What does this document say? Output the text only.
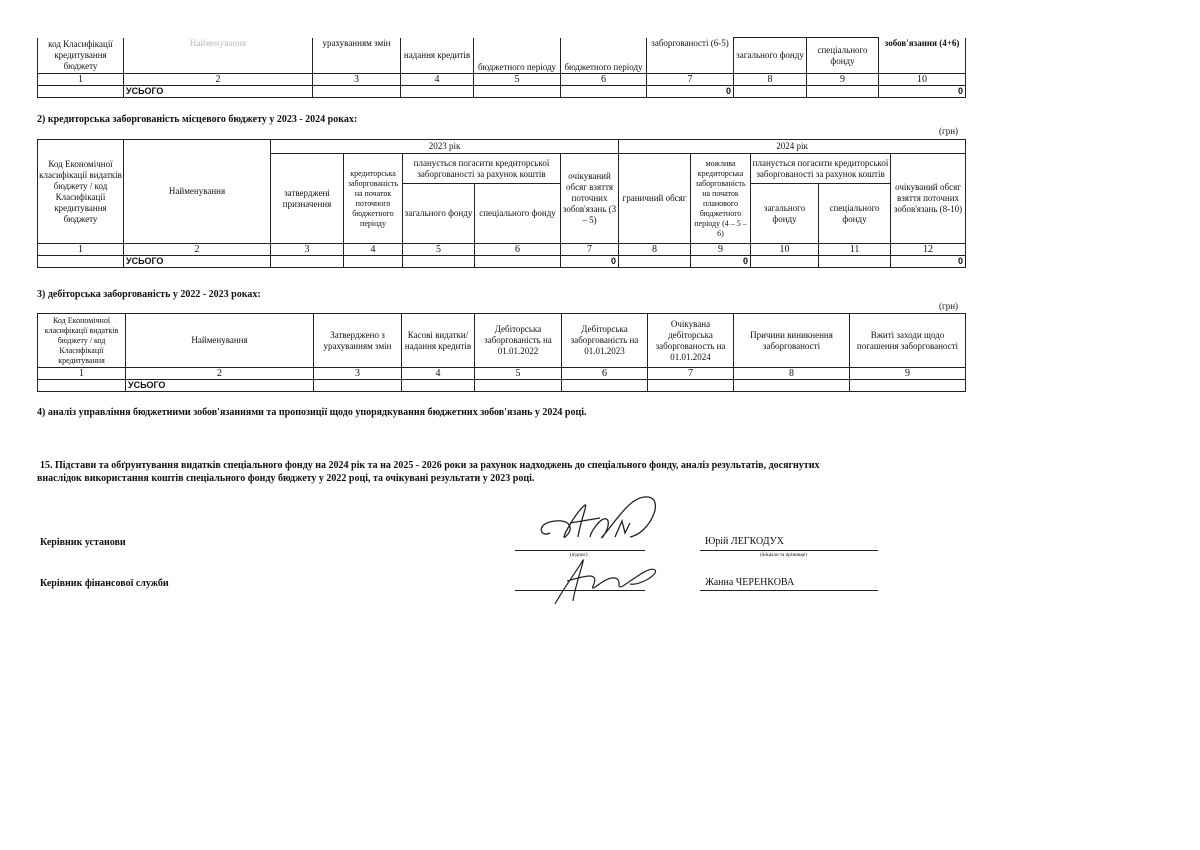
код Класифікації кредитування бюджету	Найменування	урахуванням змін	надання кредитів	бюджетного періоду	бюджетного періоду	заборгованості (6-5)	загального фонду	спеціального фонду	зобов'язання (4+6)
1	2	3	4	5	6	7	8	9	10
	УСЬОГО					0			0
2) кредиторська заборгованість місцевого бюджету у 2023 - 2024 роках:
(грн)
Код Економічної класифікації видатків бюджету / код Класифікації кредитування бюджету	Найменування	2023 рік					2024 рік				
		затверджені призначення	кредиторська заборгованість на початок поточного бюджетного періоду	планується погасити кредиторської заборгованості за рахунок коштів		очікуваний обсяг взяття поточних зобов'язань (3 – 5)	граничний обсяг	можлива кредиторська заборгованість на початок планового бюджетного періоду (4 – 5 – 6)	планується погасити кредиторської заборгованості за рахунок коштів		очікуваний обсяг взяття поточних зобов'язань (8-10)
				загального фонду	спеціального фонду				загального фонду	спеціального фонду	
1	2	3	4	5	6	7	8	9	10	11	12
	УСЬОГО					0		0			0
3) дебіторська заборгованість у 2022 - 2023 роках:
(грн)
Код Економічної класифікації видатків бюджету / код Класифікації кредитування	Найменування	Затверджено з урахуванням змін	Касові видатки/ надання кредитів	Дебіторська заборгованість на 01.01.2022	Дебіторська заборгованість на 01.01.2023	Очікувана дебіторська заборгованость на 01.01.2024	Причини виникнення заборгованості	Вжиті заходи щодо погашення заборгованості
1	2	3	4	5	6	7	8	9
	УСЬОГО							
4) аналіз управління бюджетними зобов'язаннями та пропозиції щодо упорядкування бюджетних зобов'язань у 2024 році.
15. Підстави та обґрунтування видатків спеціального фонду на 2024 рік та на 2025 - 2026 роки за рахунок надходжень до спеціального фонду, аналіз результатів, досягнутих
внаслідок використання коштів спеціального фонду бюджету у 2022 році, та очікувані результати у 2023 році.
Керівник установи
Керівник фінансової служби
(підпис)
Юрій ЛЕГКОДУХ
(ініціали та прізвище)
Жанна ЧЕРЕНКОВА
